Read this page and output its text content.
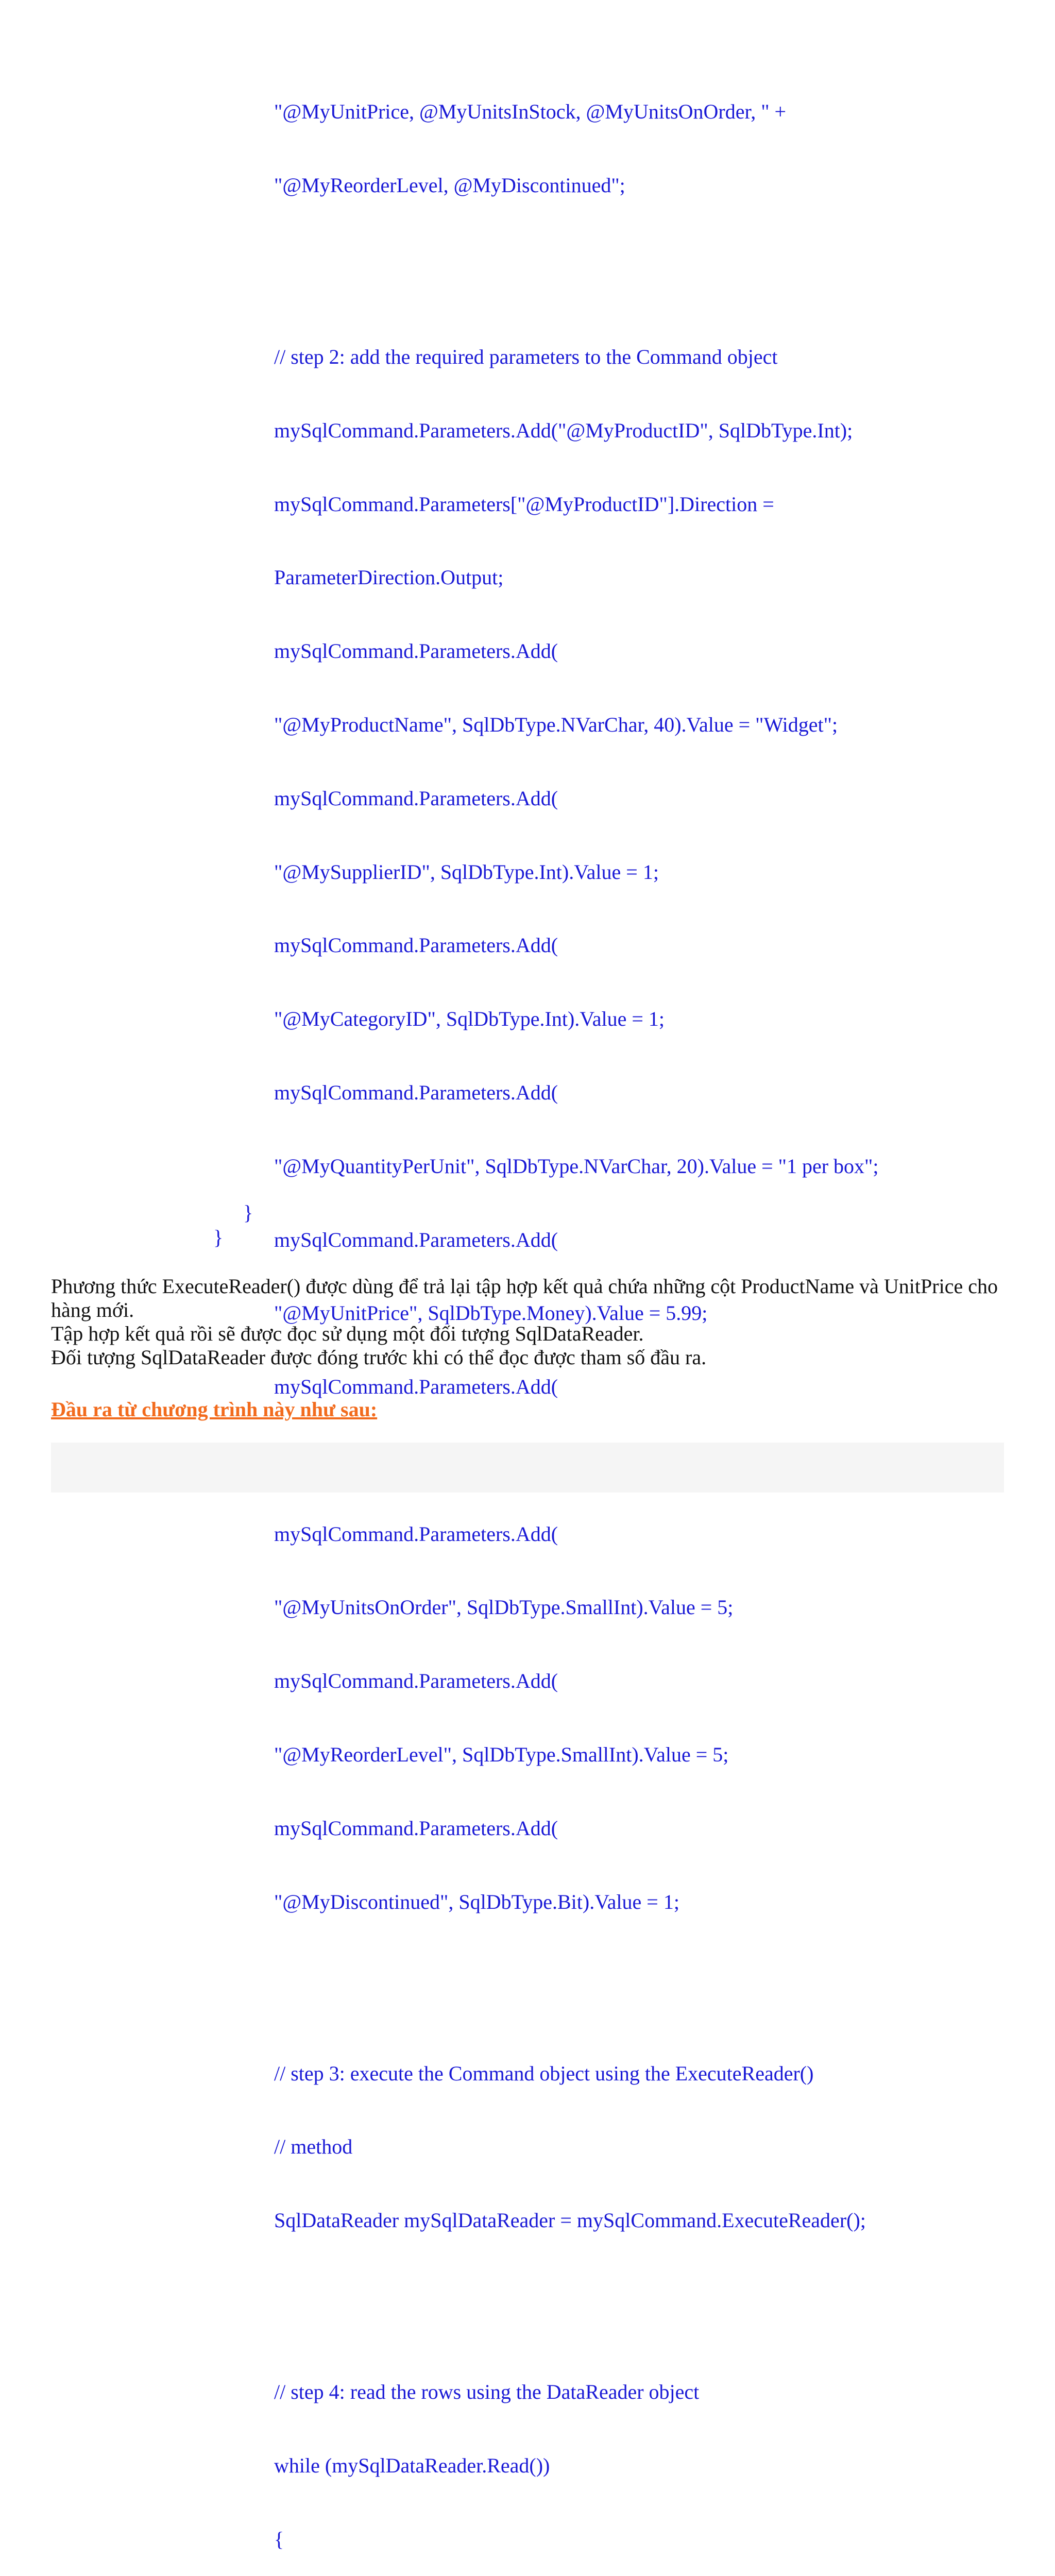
"@MyUnitPrice, @MyUnitsInStock, @MyUnitsOnOrder, " +

"@MyReorderLevel, @MyDiscontinued";

// step 2: add the required parameters to the Command object

mySqlCommand.Parameters.Add("@MyProductID", SqlDbType.Int);

mySqlCommand.Parameters["@MyProductID"].Direction =

ParameterDirection.Output;

mySqlCommand.Parameters.Add(

"@MyProductName", SqlDbType.NVarChar, 40).Value = "Widget";

mySqlCommand.Parameters.Add(

"@MySupplierID", SqlDbType.Int).Value = 1;

mySqlCommand.Parameters.Add(

"@MyCategoryID", SqlDbType.Int).Value = 1;

mySqlCommand.Parameters.Add(

"@MyQuantityPerUnit", SqlDbType.NVarChar, 20).Value = "1 per box";

mySqlCommand.Parameters.Add(

"@MyUnitPrice", SqlDbType.Money).Value = 5.99;

mySqlCommand.Parameters.Add(

mySqlCommand.Parameters.Add(

"@MyUnitsOnOrder", SqlDbType.SmallInt).Value = 5;

mySqlCommand.Parameters.Add(

"@MyReorderLevel", SqlDbType.SmallInt).Value = 5;

mySqlCommand.Parameters.Add(

"@MyDiscontinued", SqlDbType.Bit).Value = 1;

// step 3: execute the Command object using the ExecuteReader()

// method

SqlDataReader mySqlDataReader = mySqlCommand.ExecuteReader();

// step 4: read the rows using the DataReader object

while (mySqlDataReader.Read())

{

}
}

Phương thức ExecuteReader() được dùng để trả lại tập hợp kết quả chứa những cột ProductName và UnitPrice cho hàng mới.

Tập hợp kết quả rồi sẽ được đọc sử dụng một đối tượng SqlDataReader.

Đối tượng SqlDataReader được đóng trước khi có thể đọc được tham số đầu ra.

Đầu ra từ chương trình này như sau:
